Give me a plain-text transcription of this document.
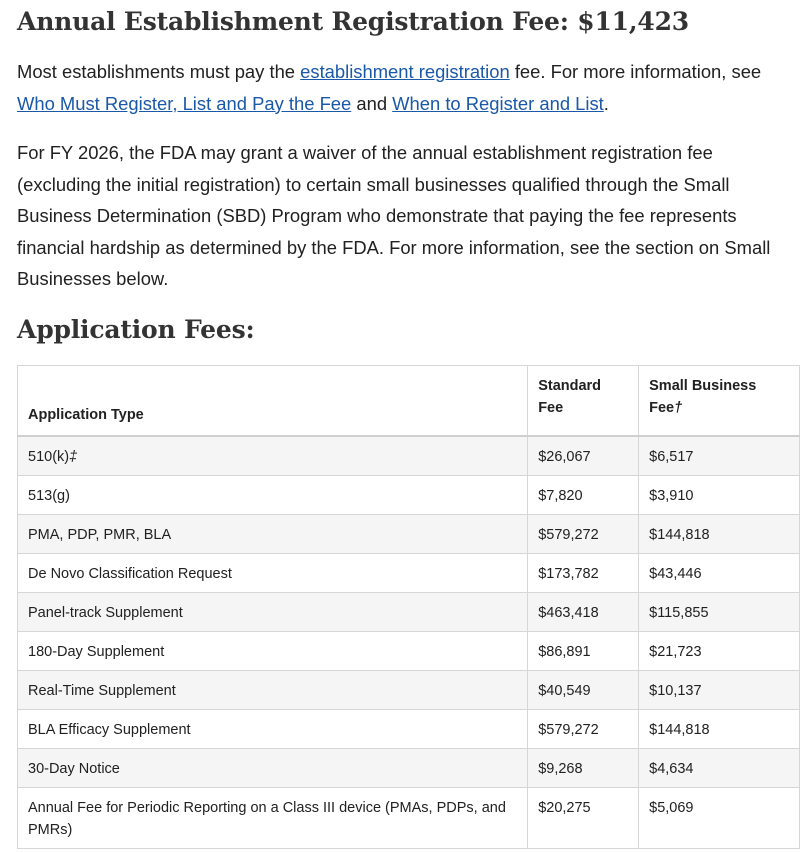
Annual Establishment Registration Fee: $11,423

Most establishments must pay the establishment registration fee. For more information, see Who Must Register, List and Pay the Fee and When to Register and List.

For FY 2026, the FDA may grant a waiver of the annual establishment registration fee (excluding the initial registration) to certain small businesses qualified through the Small Business Determination (SBD) Program who demonstrate that paying the fee represents financial hardship as determined by the FDA. For more information, see the section on Small Businesses below.

Application Fees:
Application Type	Standard Fee	Small Business Fee†
510(k)‡	$26,067	$6,517
513(g)	$7,820	$3,910
PMA, PDP, PMR, BLA	$579,272	$144,818
De Novo Classification Request	$173,782	$43,446
Panel-track Supplement	$463,418	$115,855
180-Day Supplement	$86,891	$21,723
Real-Time Supplement	$40,549	$10,137
BLA Efficacy Supplement	$579,272	$144,818
30-Day Notice	$9,268	$4,634
Annual Fee for Periodic Reporting on a Class III device (PMAs, PDPs, and PMRs)	$20,275	$5,069
